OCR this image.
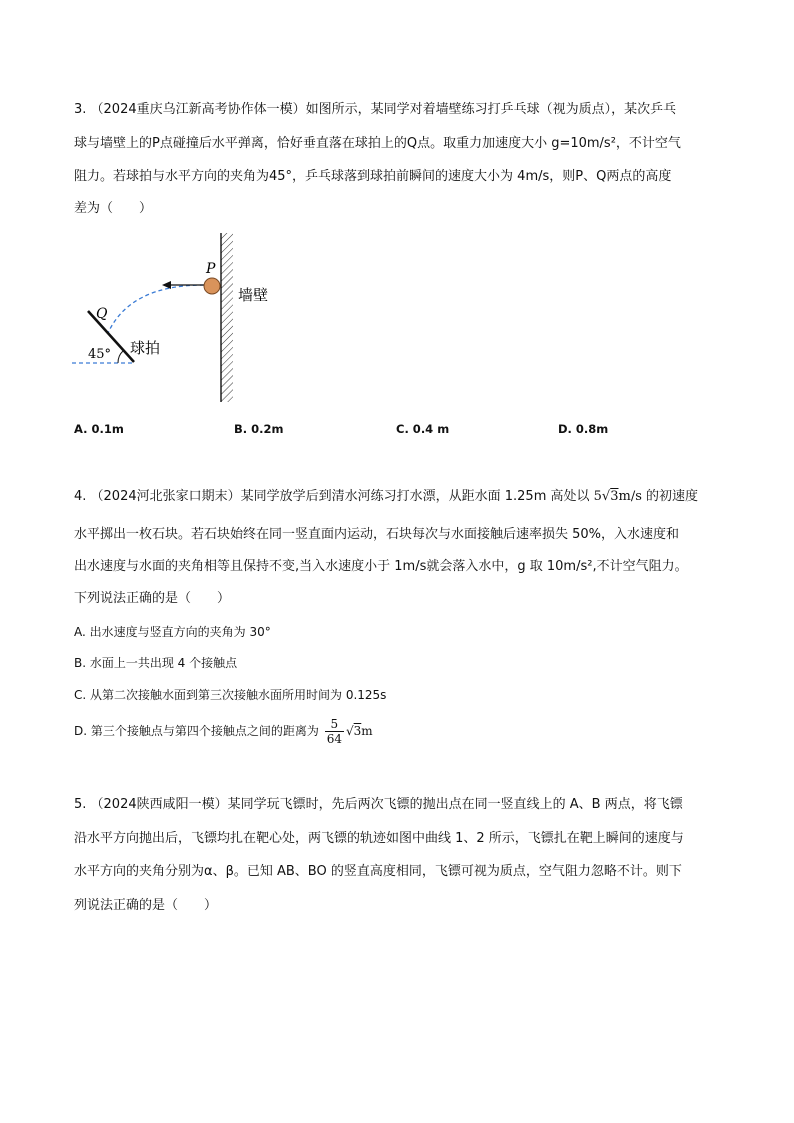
3. （2024重庆乌江新高考协作体一模）如图所示，某同学对着墙壁练习打乒乓球（视为质点），某次乒乓
球与墙壁上的P点碰撞后水平弹离，恰好垂直落在球拍上的Q点。取重力加速度大小 g=10m/s²，不计空气
阻力。若球拍与水平方向的夹角为45°，乒乓球落到球拍前瞬间的速度大小为 4m/s，则P、Q两点的高度
差为（　　）
P
Q
墙壁
球拍
45°
A. 0.1m	B. 0.2m	C. 0.4 m	D. 0.8m
4. （2024河北张家口期末）某同学放学后到清水河练习打水漂，从距水面 1.25m 高处以 5√3m/s 的初速度
水平掷出一枚石块。若石块始终在同一竖直面内运动，石块每次与水面接触后速率损失 50%，入水速度和
出水速度与水面的夹角相等且保持不变,当入水速度小于 1m/s就会落入水中，g 取 10m/s²,不计空气阻力。
下列说法正确的是（　　）
A. 出水速度与竖直方向的夹角为 30°
B. 水面上一共出现 4 个接触点
C. 从第二次接触水面到第三次接触水面所用时间为 0.125s
D. 第三个接触点与第四个接触点之间的距离为 $\frac{5}{64} √3m$
5. （2024陕西咸阳一模）某同学玩飞镖时，先后两次飞镖的抛出点在同一竖直线上的 A、B 两点，将飞镖
沿水平方向抛出后，飞镖均扎在靶心处，两飞镖的轨迹如图中曲线 1、2 所示，飞镖扎在靶上瞬间的速度与
水平方向的夹角分别为α、β。已知 AB、BO 的竖直高度相同，飞镖可视为质点，空气阻力忽略不计。则下
列说法正确的是（　　）
